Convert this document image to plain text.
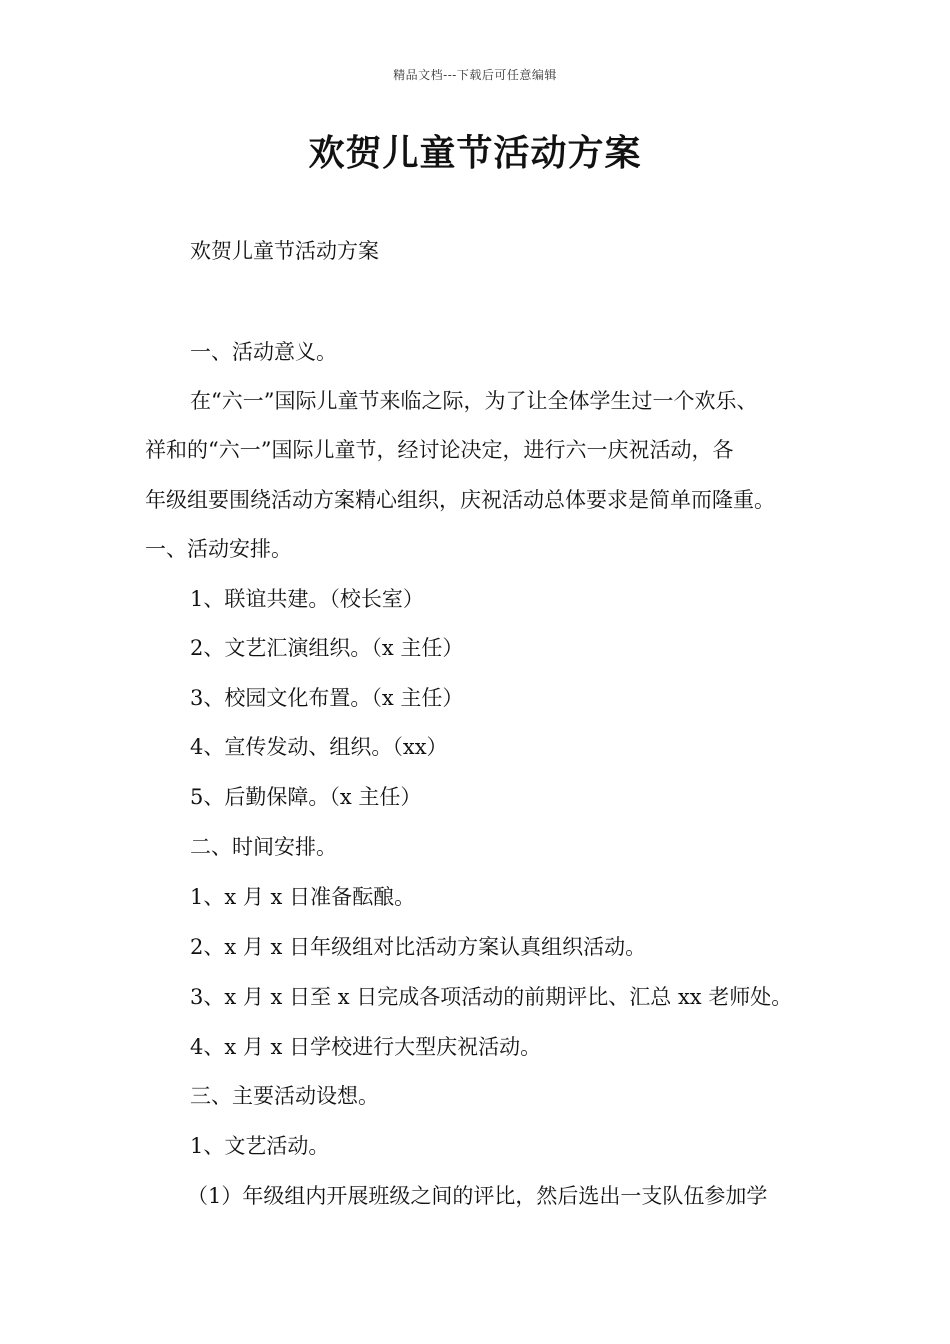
精品文档---下载后可任意编辑
欢贺儿童节活动方案
欢贺儿童节活动方案
一、活动意义。
在“六一”国际儿童节来临之际，为了让全体学生过一个欢乐、
祥和的“六一”国际儿童节，经讨论决定，进行六一庆祝活动，各
年级组要围绕活动方案精心组织，庆祝活动总体要求是简单而隆重。
一、活动安排。
1、联谊共建。（校长室）
2、文艺汇演组织。（x 主任）
3、校园文化布置。（x 主任）
4、宣传发动、组织。（xx）
5、后勤保障。（x 主任）
二、时间安排。
1、x 月 x 日准备酝酿。
2、x 月 x 日年级组对比活动方案认真组织活动。
3、x 月 x 日至 x 日完成各项活动的前期评比、汇总 xx 老师处。
4、x 月 x 日学校进行大型庆祝活动。
三、主要活动设想。
1、文艺活动。
（1）年级组内开展班级之间的评比，然后选出一支队伍参加学
